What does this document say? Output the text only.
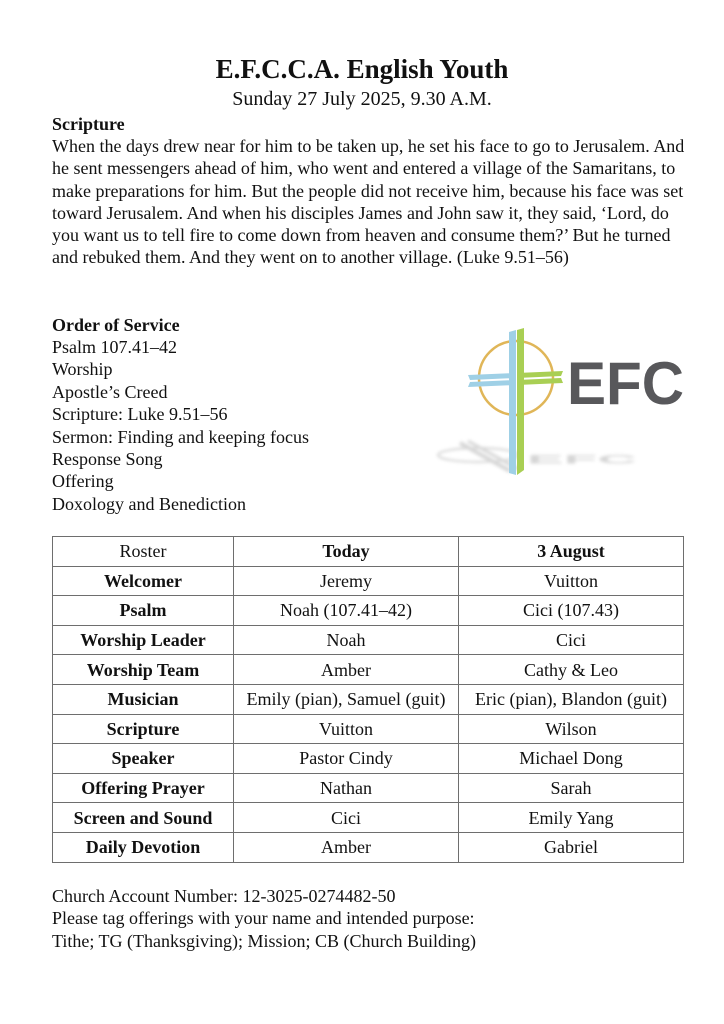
E.F.C.C.A. English Youth
Sunday 27 July 2025, 9.30 A.M.
Scripture
When the days drew near for him to be taken up, he set his face to go to Jerusalem. And he sent messengers ahead of him, who went and entered a village of the Samaritans, to make preparations for him. But the people did not receive him, because his face was set toward Jerusalem. And when his disciples James and John saw it, they said, ‘Lord, do you want us to tell fire to come down from heaven and consume them?’ But he turned and rebuked them. And they went on to another village. (Luke 9.51–56)
Order of Service
Psalm 107.41–42
Worship
Apostle’s Creed
Scripture: Luke 9.51–56
Sermon: Finding and keeping focus
Response Song
Offering
Doxology and Benediction
EFC
EFC
Roster	Today	3 August
Welcomer	Jeremy	Vuitton
Psalm	Noah (107.41–42)	Cici (107.43)
Worship Leader	Noah	Cici
Worship Team	Amber	Cathy & Leo
Musician	Emily (pian), Samuel (guit)	Eric (pian), Blandon (guit)
Scripture	Vuitton	Wilson
Speaker	Pastor Cindy	Michael Dong
Offering Prayer	Nathan	Sarah
Screen and Sound	Cici	Emily Yang
Daily Devotion	Amber	Gabriel
Church Account Number: 12-3025-0274482-50
Please tag offerings with your name and intended purpose:
Tithe; TG (Thanksgiving); Mission; CB (Church Building)
